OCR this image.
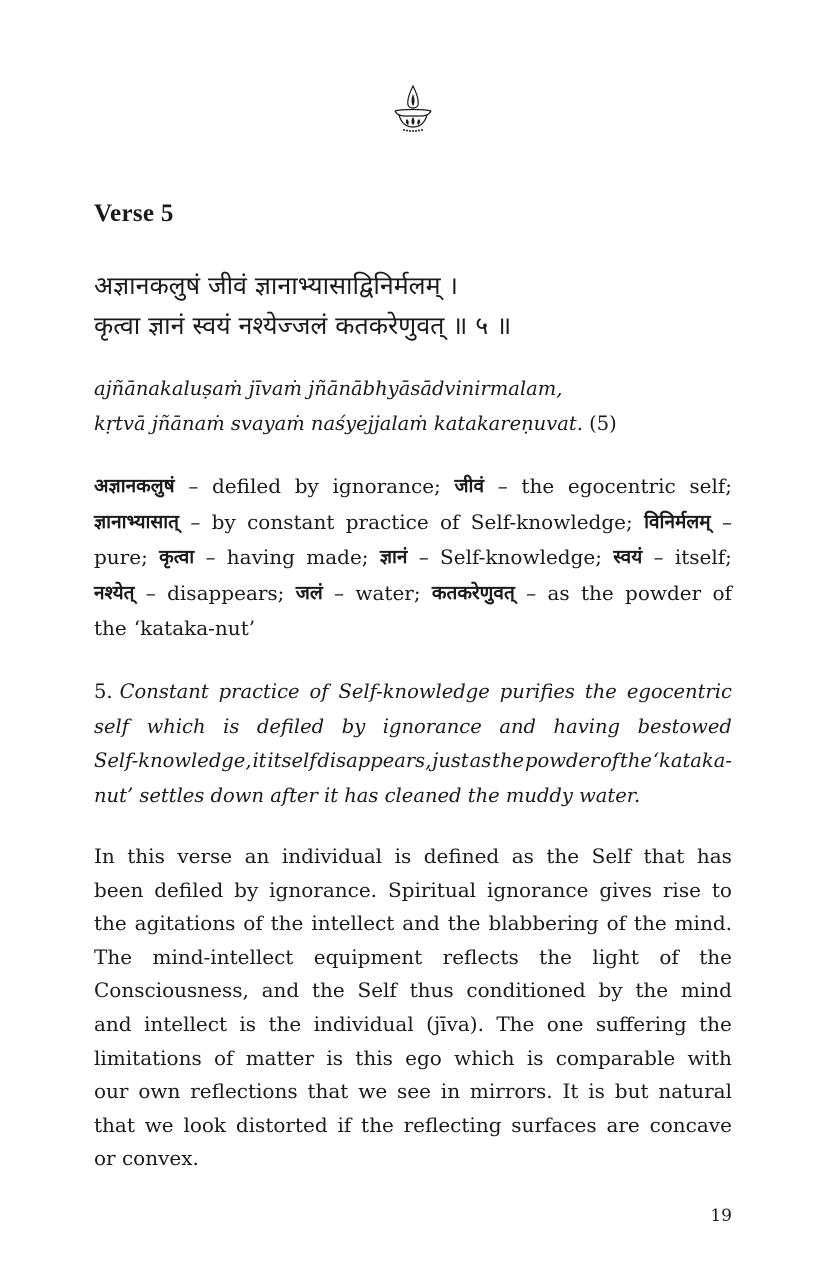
Verse 5
अज्ञानकलुषं जीवं ज्ञानाभ्यासाद्विनिर्मलम् ।
कृत्वा ज्ञानं स्वयं नश्येज्जलं कतकरेणुवत् ॥ ५ ॥
ajñānakaluṣaṁ jīvaṁ jñānābhyāsādvinirmalam,
kṛtvā jñānaṁ svayaṁ naśyejjalaṁ katakareṇuvat. (5)
अज्ञानकलुषं – defiled by ignorance; जीवं – the egocentric self;
ज्ञानाभ्यासात् – by constant practice of Self-knowledge; विनिर्मलम् –
pure; कृत्वा – having made; ज्ञानं – Self-knowledge; स्वयं – itself;
नश्येत् – disappears; जलं – water; कतकरेणुवत् – as the powder of
the ‘kataka-nut’
5. Constant practice of Self-knowledge purifies the egocentric
self which is defiled by ignorance and having bestowed
Self-knowledge, it itself disappears, just as the powder of the ‘kataka-
nut’ settles down after it has cleaned the muddy water.
In this verse an individual is defined as the Self that has
been defiled by ignorance. Spiritual ignorance gives rise to
the agitations of the intellect and the blabbering of the mind.
The mind-intellect equipment reflects the light of the
Consciousness, and the Self thus conditioned by the mind
and intellect is the individual (jīva). The one suffering the
limitations of matter is this ego which is comparable with
our own reflections that we see in mirrors. It is but natural
that we look distorted if the reflecting surfaces are concave
or convex.
19
